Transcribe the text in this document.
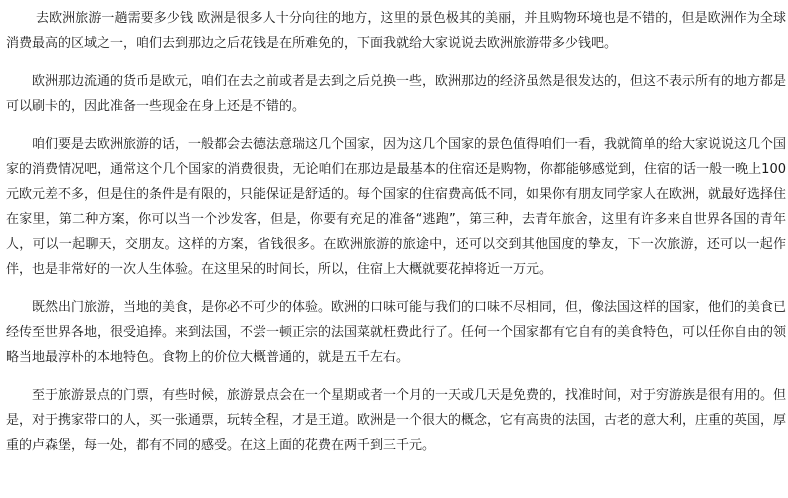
去欧洲旅游一趟需要多少钱 欧洲是很多人十分向往的地方，这里的景色极其的美丽，并且购物环境也是不错的，但是欧洲作为全球消费最高的区域之一，咱们去到那边之后花钱是在所难免的，下面我就给大家说说去欧洲旅游带多少钱吧。

欧洲那边流通的货币是欧元，咱们在去之前或者是去到之后兑换一些，欧洲那边的经济虽然是很发达的，但这不表示所有的地方都是可以刷卡的，因此准备一些现金在身上还是不错的。

咱们要是去欧洲旅游的话，一般都会去德法意瑞这几个国家，因为这几个国家的景色值得咱们一看，我就简单的给大家说说这几个国家的消费情况吧，通常这个几个国家的消费很贵，无论咱们在那边是最基本的住宿还是购物，你都能够感觉到，住宿的话一般一晚上100元欧元差不多，但是住的条件是有限的，只能保证是舒适的。每个国家的住宿费高低不同，如果你有朋友同学家人在欧洲，就最好选择住在家里，第二种方案，你可以当一个沙发客，但是，你要有充足的准备“逃跑”，第三种，去青年旅舍，这里有许多来自世界各国的青年人，可以一起聊天，交朋友。这样的方案，省钱很多。在欧洲旅游的旅途中，还可以交到其他国度的挚友，下一次旅游，还可以一起作伴，也是非常好的一次人生体验。在这里呆的时间长，所以，住宿上大概就要花掉将近一万元。

既然出门旅游，当地的美食，是你必不可少的体验。欧洲的口味可能与我们的口味不尽相同，但，像法国这样的国家，他们的美食已经传至世界各地，很受追捧。来到法国，不尝一顿正宗的法国菜就枉费此行了。任何一个国家都有它自有的美食特色，可以任你自由的领略当地最淳朴的本地特色。食物上的价位大概普通的，就是五千左右。

至于旅游景点的门票，有些时候，旅游景点会在一个星期或者一个月的一天或几天是免费的，找准时间，对于穷游族是很有用的。但是，对于携家带口的人，买一张通票，玩转全程，才是王道。欧洲是一个很大的概念，它有高贵的法国，古老的意大利，庄重的英国，厚重的卢森堡，每一处，都有不同的感受。在这上面的花费在两千到三千元。
